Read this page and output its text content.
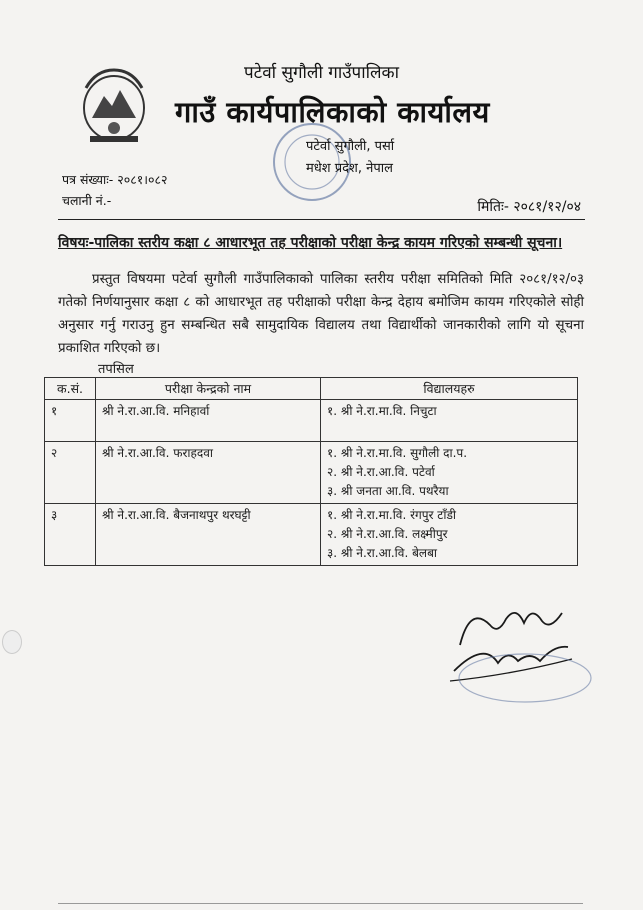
पटेर्वा सुगौली गाउँपालिका
गाउँ कार्यपालिकाको कार्यालय
पटेर्वा सुगौली, पर्सा
मधेश प्रदेश, नेपाल
पत्र संख्याः- २०८१।०८२
चलानी नं.-	मितिः- २०८१/१२/०४
विषयः-पालिका स्तरीय कक्षा ८ आधारभूत तह परीक्षाको परीक्षा केन्द्र कायम गरिएको सम्बन्धी सूचना।
प्रस्तुत विषयमा पटेर्वा सुगौली गाउँपालिकाको पालिका स्तरीय परीक्षा समितिको मिति २०८१/१२/०३ गतेको निर्णयानुसार कक्षा ८ को आधारभूत तह परीक्षाको परीक्षा केन्द्र देहाय बमोजिम कायम गरिएकोले सोही अनुसार गर्नु गराउनु हुन सम्बन्धित सबै सामुदायिक विद्यालय तथा विद्यार्थीको जानकारीको लागि यो सूचना प्रकाशित गरिएको छ।
तपसिल
क.सं.	परीक्षा केन्द्रको नाम	विद्यालयहरु
१	श्री ने.रा.आ.वि. मनिहार्वा	१. श्री ने.रा.मा.वि. निचुटा

२	श्री ने.रा.आ.वि. फराहदवा	१. श्री ने.रा.मा.वि. सुगौली दा.प.
२. श्री ने.रा.आ.वि. पटेर्वा
३. श्री जनता आ.वि. पथरैया

३	श्री ने.रा.आ.वि. बैजनाथपुर थरघट्टी	१. श्री ने.रा.मा.वि. रंगपुर टाँडी
२. श्री ने.रा.आ.वि. लक्ष्मीपुर
३. श्री ने.रा.आ.वि. बेलबा
